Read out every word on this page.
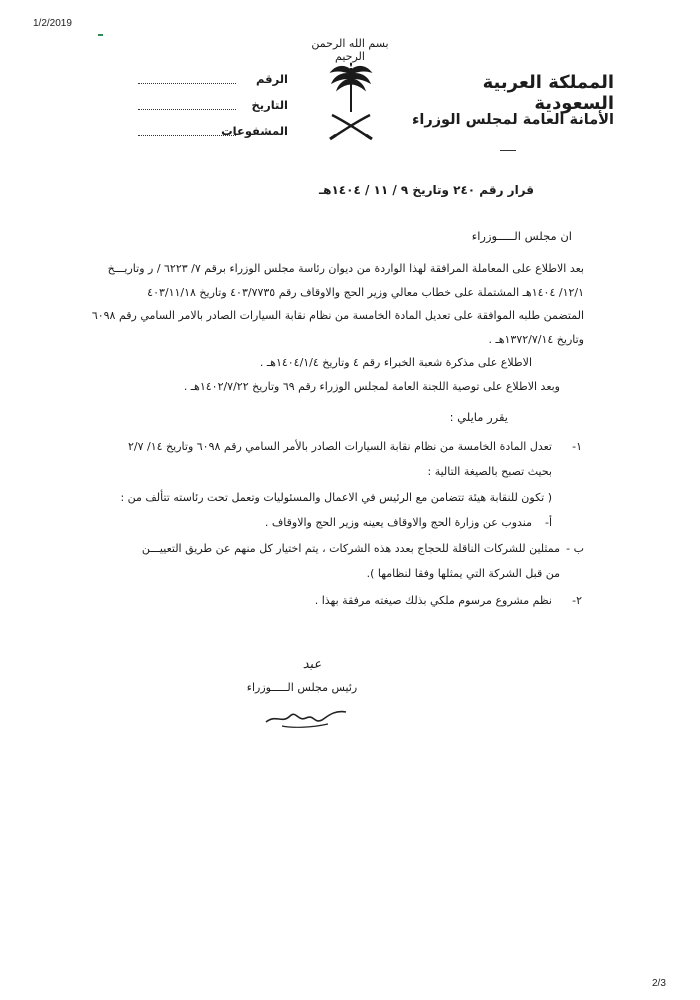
1/2/2019
بسم الله الرحمن الرحيم
الرقم
التاريخ
المشفوعات
المملكة العربية السعودية
الأمانة العامة لمجلس الوزراء
قرار رقم ٢٤٠ وتاريخ ٩ / ١١ / ١٤٠٤هـ
ان مجلس الـــــوزراء
بعد الاطلاع على المعاملة المرافقة لهذا الواردة من ديوان رئاسة مجلس الوزراء برقم ٧/ ٦٢٢٣ / ر وتاريـــخ
١٢/١/ ١٤٠٤هـ المشتملة على خطاب معالي وزير الحج والاوقاف رقم ٤٠٣/٧٧٣٥ وتاريخ ٤٠٣/١١/١٨
المتضمن طلبه الموافقة على تعديل المادة الخامسة من نظام نقابة السيارات الصادر بالامر السامي رقم ٦٠٩٨
وتاريخ ١٣٧٢/٧/١٤هـ .
الاطلاع على مذكرة شعبة الخبراء رقم ٤ وتاريخ ١٤٠٤/١/٤هـ .
وبعد الاطلاع على توصية اللجنة العامة لمجلس الوزراء رقم ٦٩ وتاريخ ١٤٠٢/٧/٢٢هـ .
يقرر مايلي :
١-
تعدل المادة الخامسة من نظام نقابة السيارات الصادر بالأمر السامي رقم ٦٠٩٨ وتاريخ ١٤/ ٢/٧
بحيث تصبح بالصيغة التالية :
( تكون للنقابة هيئة تتضامن مع الرئيس في الاعمال والمسئوليات وتعمل تحت رئاسته تتألف من :
أ-
مندوب عن وزارة الحج والاوقاف يعينه وزير الحج والاوقاف .
ب -
ممثلين للشركات الناقلة للحجاج بعدد هذه الشركات ، يتم اختيار كل منهم عن طريق التعييـــن
من قبل الشركة التي يمثلها وفقا لنظامها ).
٢-
نظم مشروع مرسوم ملكي بذلك صيغته مرفقة بهذا .
عبد
رئيس مجلس الـــــوزراء
2/3
